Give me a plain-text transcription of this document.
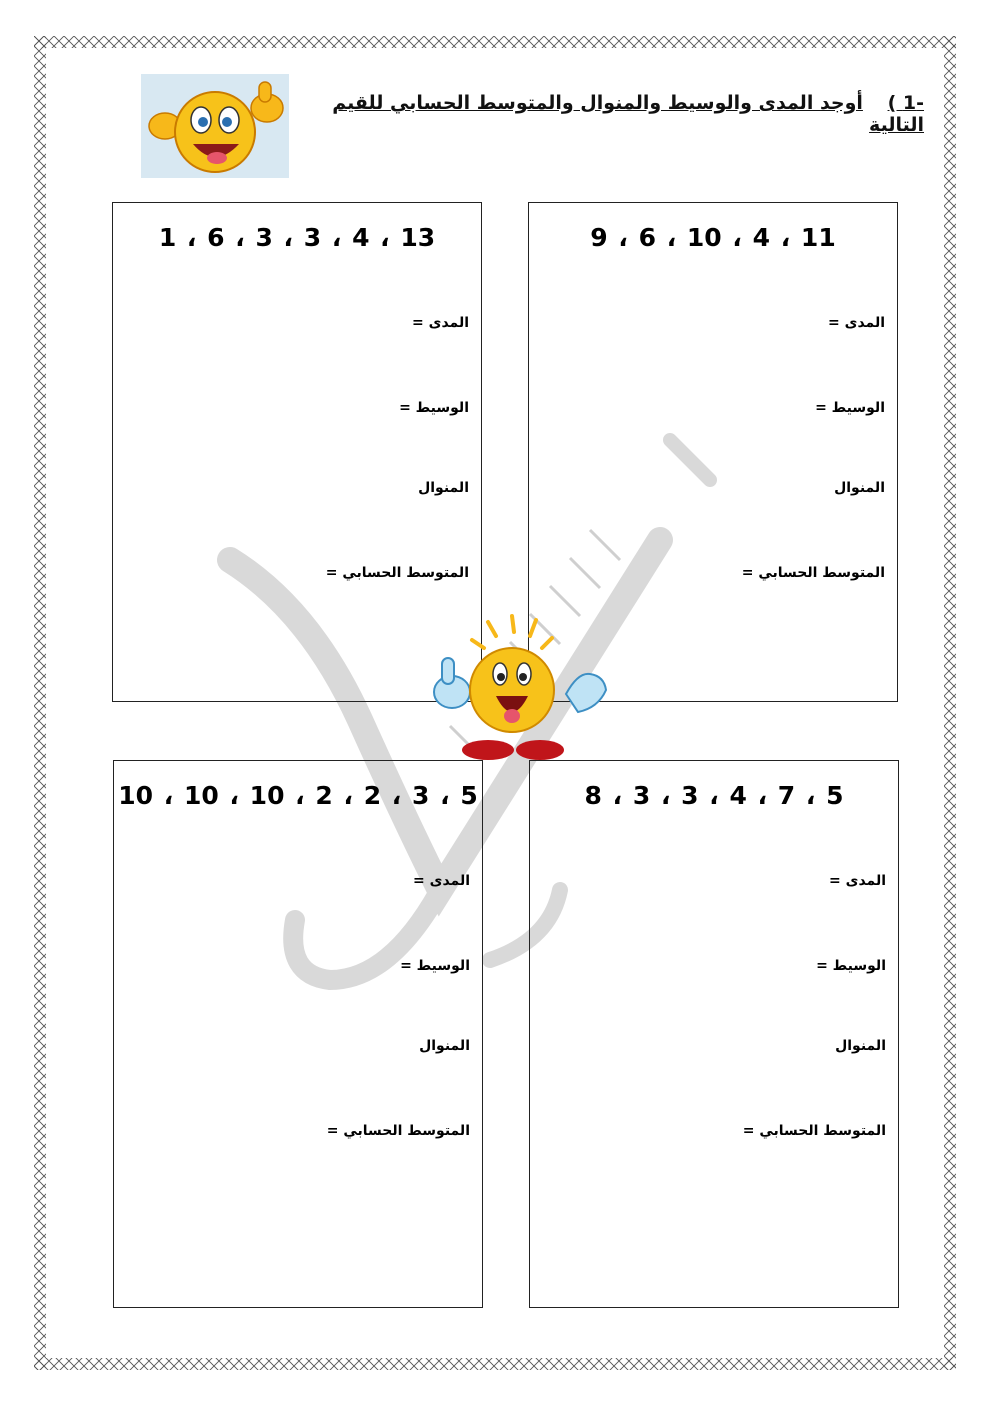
-1 ) أوجد المدى والوسيط والمنوال والمتوسط الحسابي للقيم التالية
11 ، 4 ، 10 ، 6 ، 9
المدى =
الوسيط =
المنوال
المتوسط الحسابي =
13 ، 4 ، 3 ، 3 ، 6 ، 1
المدى =
الوسيط =
المنوال
المتوسط الحسابي =
5 ، 7 ، 4 ، 3 ، 3 ، 8
المدى =
الوسيط =
المنوال
المتوسط الحسابي =
5 ، 3 ، 2 ، 2 ، 10 ، 10 ، 10
المدى =
الوسيط =
المنوال
المتوسط الحسابي =
